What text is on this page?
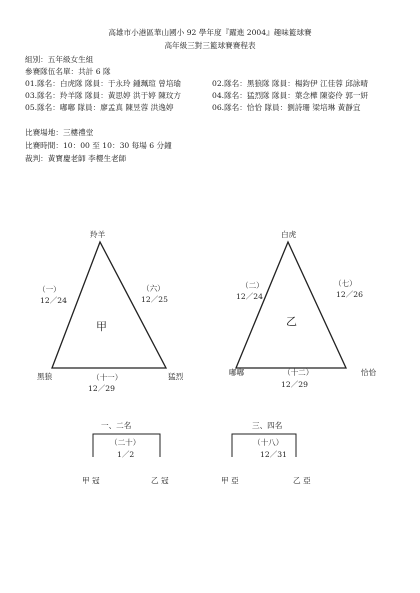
高雄市小港區華山國小 92 學年度『躍進 2004』趣味籃球賽
高年級三對三籃球賽賽程表
組別：五年級女生組
參賽隊伍名單：共計 6 隊
01.隊名：白虎隊 隊員：于永玲 鍾珮瑄 曾培瑜	02.隊名：黑狼隊 隊員：楊鈞伊 江佳蓉 邱詠晴
03.隊名：羚羊隊 隊員：黃思婷 洪于婷 陳玟方	04.隊名：猛烈隊 隊員：葉念樺 陳姿伶 郭一妍
05.隊名：嘟嘟 隊員：廖孟真 陳昱蓉 洪逸婷	06.隊名：恰恰 隊員：劉詩珊 梁培琳 黃靜宜
比賽場地：三樓禮堂
比賽時間：10：00 至 10：30 每場 6 分鐘
裁判：黃寶慶老師 李櫻生老師
羚羊
（一）
12／24
（六）
12／25
甲
黑狼	（十一）
12／29
猛烈
白虎
（二）
12／24
（七）
12／26
乙
嘟嘟	（十二）
12／29
恰恰
一、二名
（二十）
1／2
甲 冠	乙 冠
三、四名
（十八）
12／31
甲 亞	乙 亞
